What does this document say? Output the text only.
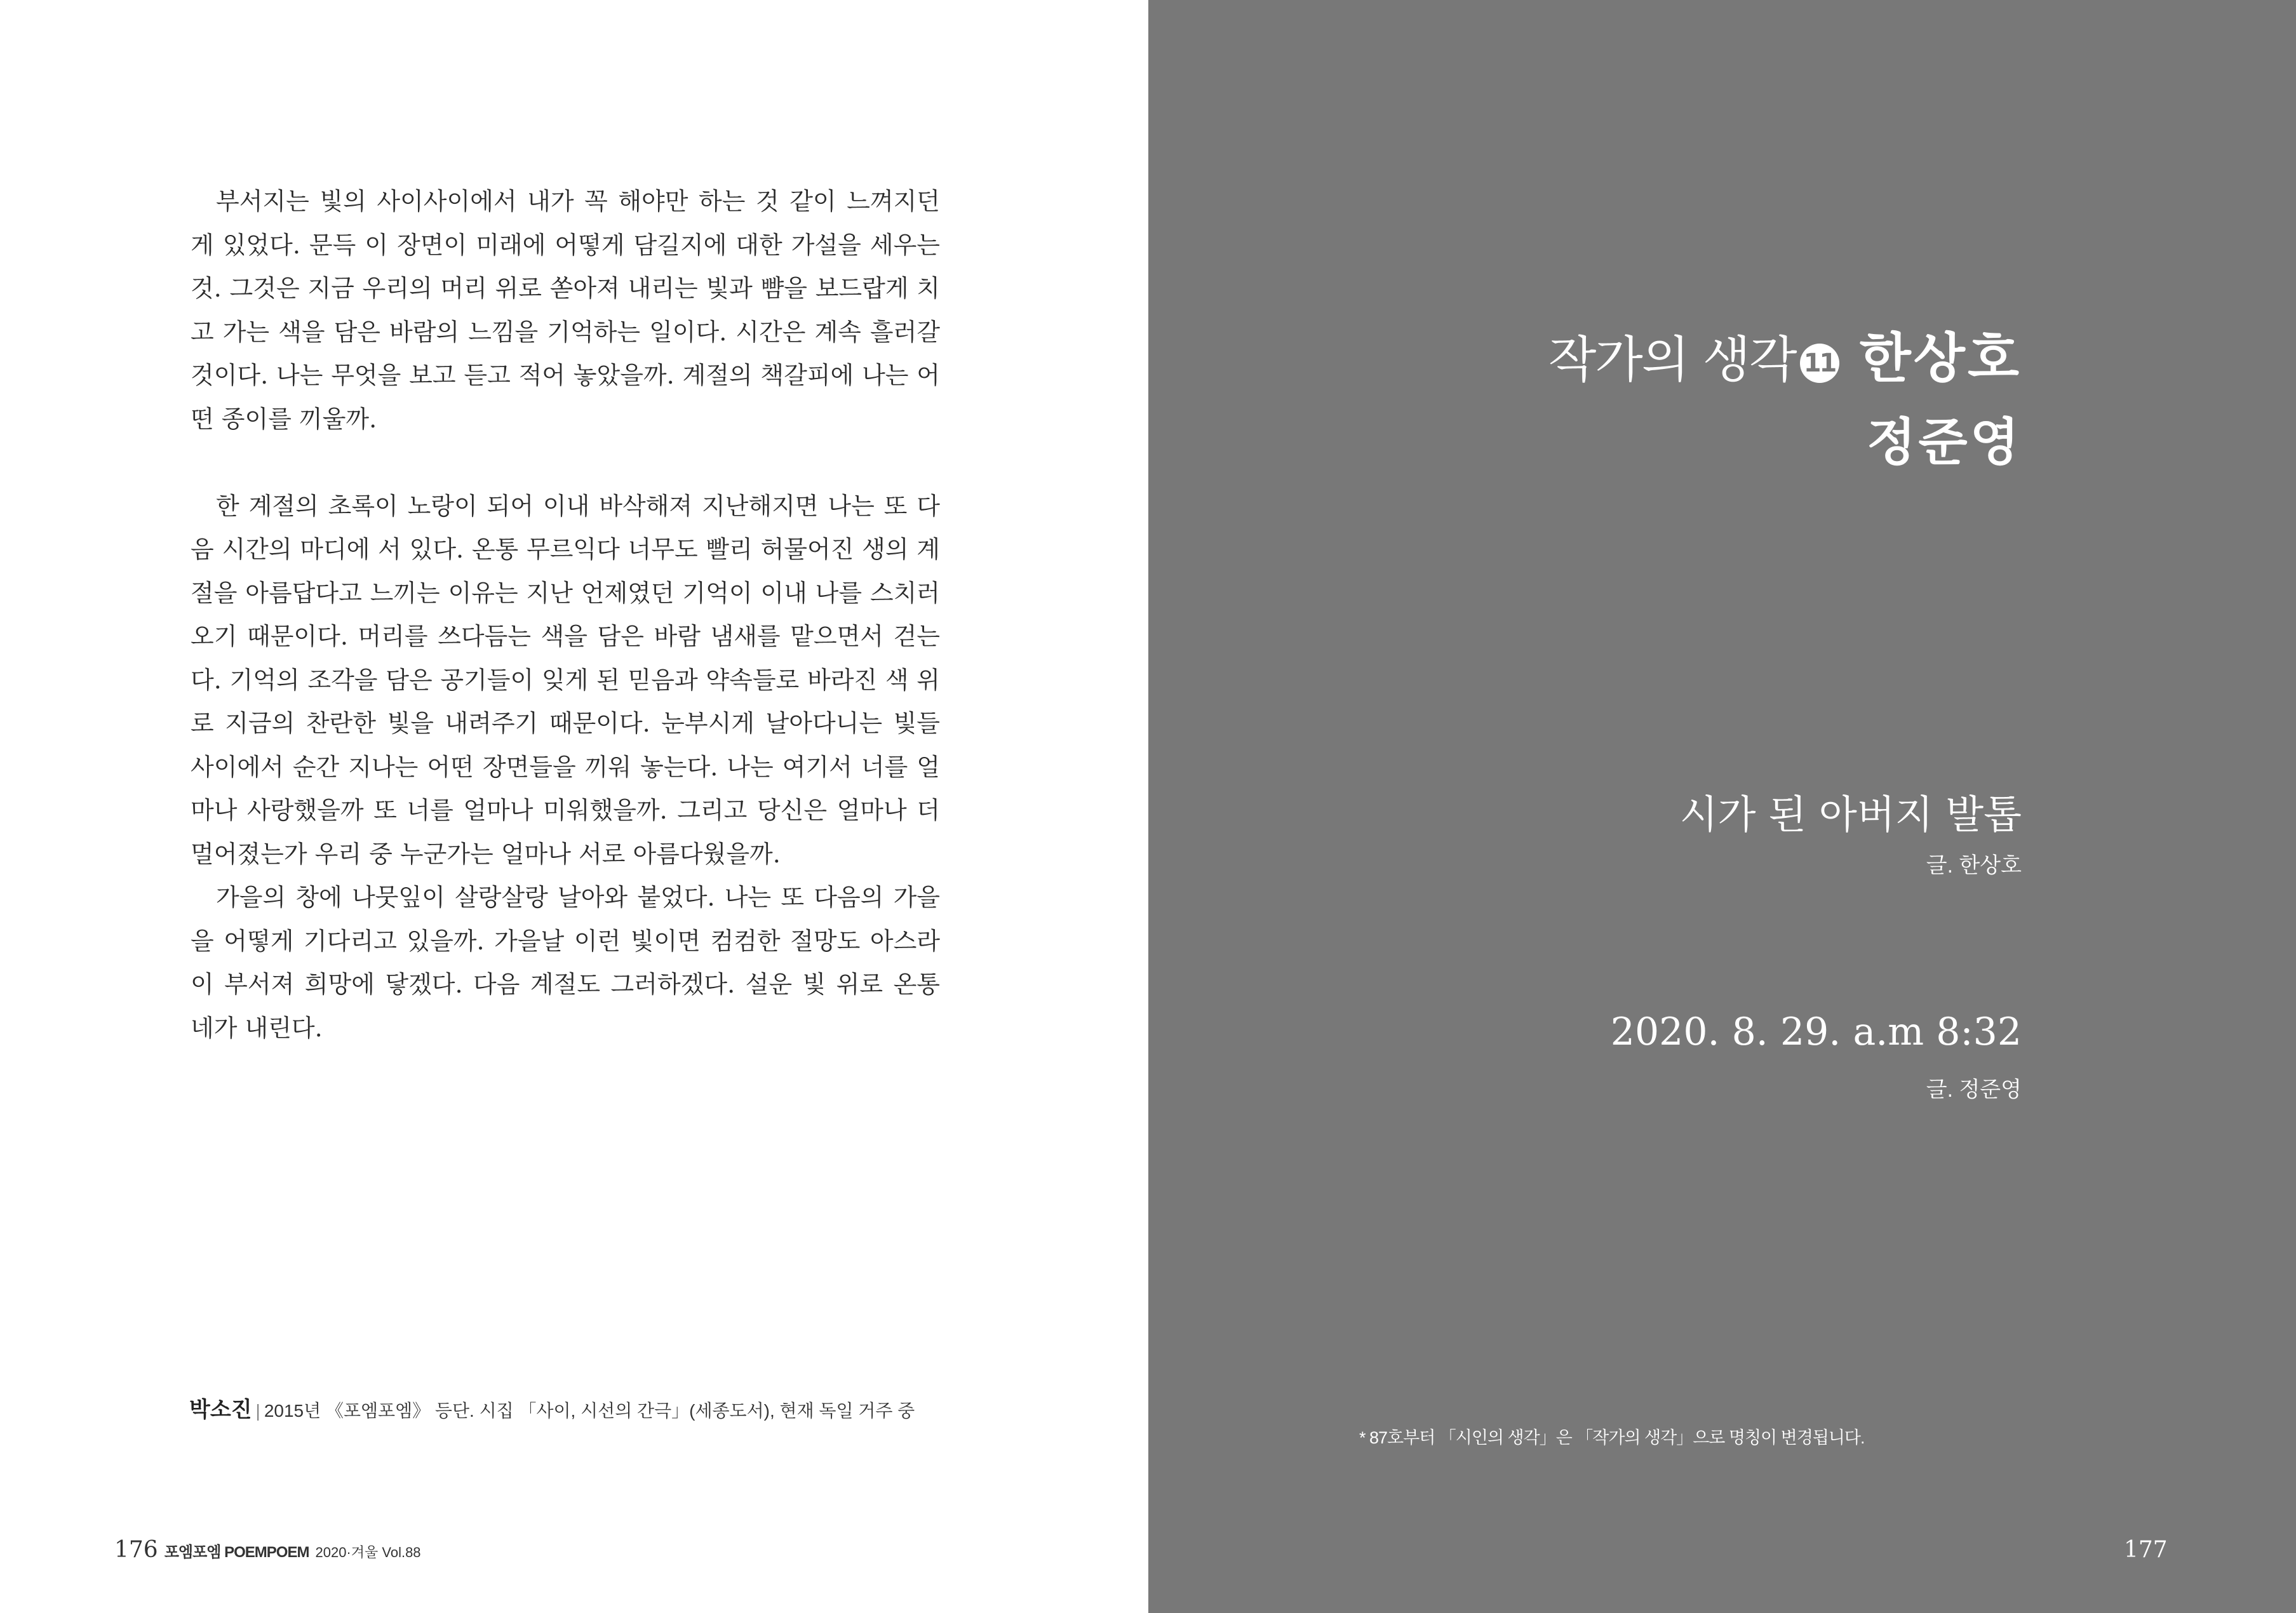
부서지는 빛의 사이사이에서 내가 꼭 해야만 하는 것 같이 느껴지던 게 있었다. 문득 이 장면이 미래에 어떻게 담길지에 대한 가설을 세우는 것. 그것은 지금 우리의 머리 위로 쏟아져 내리는 빛과 뺨을 보드랍게 치고 가는 색을 담은 바람의 느낌을 기억하는 일이다. 시간은 계속 흘러갈 것이다. 나는 무엇을 보고 듣고 적어 놓았을까. 계절의 책갈피에 나는 어떤 종이를 끼울까.

한 계절의 초록이 노랑이 되어 이내 바삭해져 지난해지면 나는 또 다음 시간의 마디에 서 있다. 온통 무르익다 너무도 빨리 허물어진 생의 계절을 아름답다고 느끼는 이유는 지난 언제였던 기억이 이내 나를 스치러 오기 때문이다. 머리를 쓰다듬는 색을 담은 바람 냄새를 맡으면서 걷는다. 기억의 조각을 담은 공기들이 잊게 된 믿음과 약속들로 바라진 색 위로 지금의 찬란한 빛을 내려주기 때문이다. 눈부시게 날아다니는 빛들 사이에서 순간 지나는 어떤 장면들을 끼워 놓는다. 나는 여기서 너를 얼마나 사랑했을까 또 너를 얼마나 미워했을까. 그리고 당신은 얼마나 더 멀어졌는가 우리 중 누군가는 얼마나 서로 아름다웠을까.

가을의 창에 나뭇잎이 살랑살랑 날아와 붙었다. 나는 또 다음의 가을을 어떻게 기다리고 있을까. 가을날 이런 빛이면 컴컴한 절망도 아스라이 부서져 희망에 닿겠다. 다음 계절도 그러하겠다. 설운 빛 위로 온통 네가 내린다.

박소진 | 2015년 《포엠포엠》 등단. 시집 「사이, 시선의 간극」(세종도서), 현재 독일 거주 중
176 포엠포엠 POEMPOEM 2020·겨울 Vol.88
작가의 생각 11 한상호
정준영
시가 된 아버지 발톱
글. 한상호
2020. 8. 29. a.m 8:32
글. 정준영
* 87호부터 「시인의 생각」은 「작가의 생각」으로 명칭이 변경됩니다.
177
